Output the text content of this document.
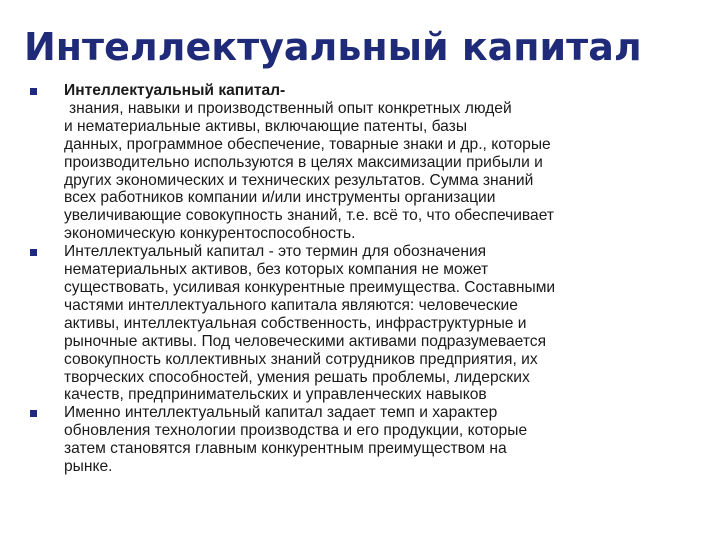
Интеллектуальный капитал
Интеллектуальный капитал-
знания, навыки и производственный опыт конкретных людей
и нематериальные активы, включающие патенты, базы
данных, программное обеспечение, товарные знаки и др., которые
производительно используются в целях максимизации прибыли и
других экономических и технических результатов. Сумма знаний
всех работников компании и/или инструменты организации
увеличивающие совокупность знаний, т.е. всё то, что обеспечивает
экономическую конкурентоспособность.
Интеллектуальный капитал - это термин для обозначения
нематериальных активов, без которых компания не может
существовать, усиливая конкурентные преимущества. Составными
частями интеллектуального капитала являются: человеческие
активы, интеллектуальная собственность, инфраструктурные и
рыночные активы. Под человеческими активами подразумевается
совокупность коллективных знаний сотрудников предприятия, их
творческих способностей, умения решать проблемы, лидерских
качеств, предпринимательских и управленческих навыков
Именно интеллектуальный капитал задает темп и характер
обновления технологии производства и его продукции, которые
затем становятся главным конкурентным преимуществом на
рынке.
